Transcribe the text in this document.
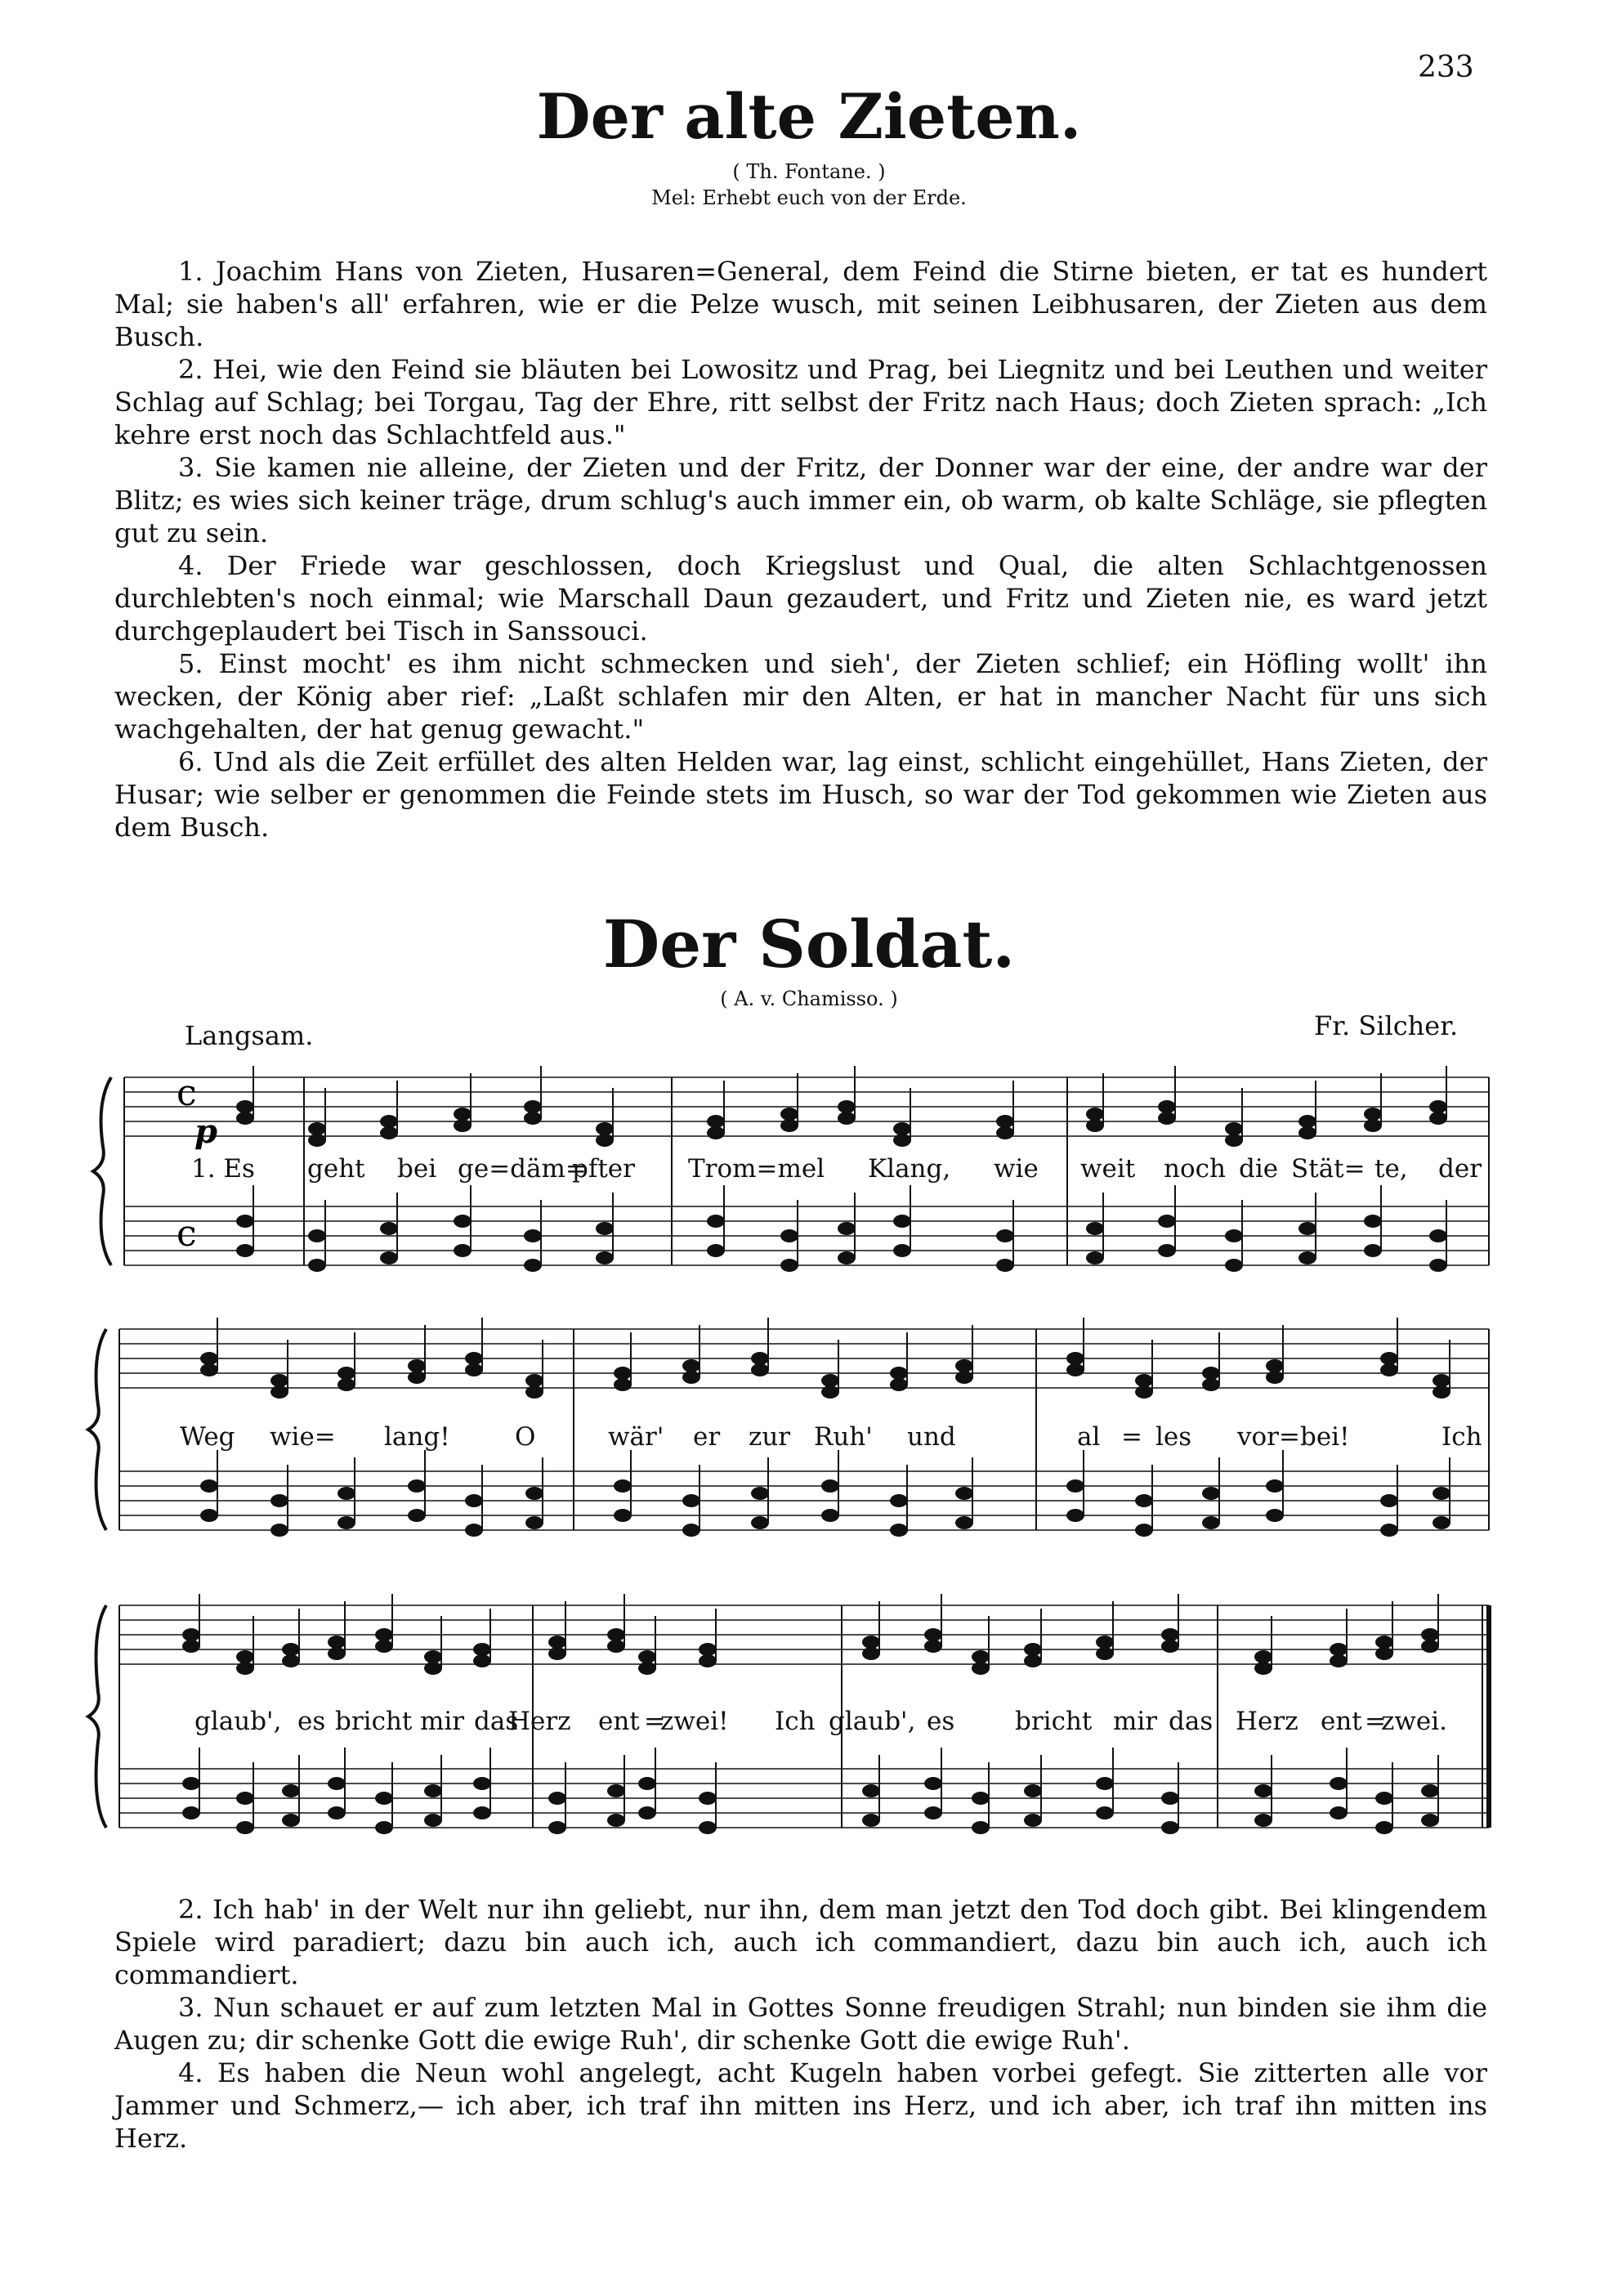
233
Der alte Zieten.
( Th. Fontane. )
Mel: Erhebt euch von der Erde.

1. Joachim Hans von Zieten, Husaren=General, dem Feind die Stirne bieten, er tat es hundert Mal; sie haben's all' erfahren, wie er die Pelze wusch, mit seinen Leibhusaren, der Zieten aus dem Busch.

2. Hei, wie den Feind sie bläuten bei Lowositz und Prag, bei Liegnitz und bei Leuthen und weiter Schlag auf Schlag; bei Torgau, Tag der Ehre, ritt selbst der Fritz nach Haus; doch Zieten sprach: „Ich kehre erst noch das Schlachtfeld aus."

3. Sie kamen nie alleine, der Zieten und der Fritz, der Donner war der eine, der andre war der Blitz; es wies sich keiner träge, drum schlug's auch immer ein, ob warm, ob kalte Schläge, sie pflegten gut zu sein.

4. Der Friede war geschlossen, doch Kriegslust und Qual, die alten Schlachtgenossen durchlebten's noch einmal; wie Marschall Daun gezaudert, und Fritz und Zieten nie, es ward jetzt durchgeplaudert bei Tisch in Sanssouci.

5. Einst mocht' es ihm nicht schmecken und sieh', der Zieten schlief; ein Höfling wollt' ihn wecken, der König aber rief: „Laßt schlafen mir den Alten, er hat in mancher Nacht für uns sich wachgehalten, der hat genug gewacht."

6. Und als die Zeit erfüllet des alten Helden war, lag einst, schlicht eingehüllet, Hans Zieten, der Husar; wie selber er genommen die Feinde stets im Husch, so war der Tod gekommen wie Zieten aus dem Busch.

Der Soldat.
( A. v. Chamisso. )
Langsam.	Fr. Silcher.
p
c
c
1. Es geht bei ge=däm=
pfter Trom=mel Klang, wie weit noch die Stät= te, der
Weg wie= lang!	O	wär' er zur Ruh' und	al = les vor=bei!	Ich
glaub', es bricht mir das
Herz ent =
zwei! Ich glaub', es bricht mir das Herz ent =
zwei.

2. Ich hab' in der Welt nur ihn geliebt, nur ihn, dem man jetzt den Tod doch gibt. Bei klingendem Spiele wird paradiert; dazu bin auch ich, auch ich commandiert, dazu bin auch ich, auch ich commandiert.

3. Nun schauet er auf zum letzten Mal in Gottes Sonne freudigen Strahl; nun binden sie ihm die Augen zu; dir schenke Gott die ewige Ruh', dir schenke Gott die ewige Ruh'.

4. Es haben die Neun wohl angelegt, acht Kugeln haben vorbei gefegt. Sie zitterten alle vor Jammer und Schmerz,— ich aber, ich traf ihn mitten ins Herz, und ich aber, ich traf ihn mitten ins Herz.
